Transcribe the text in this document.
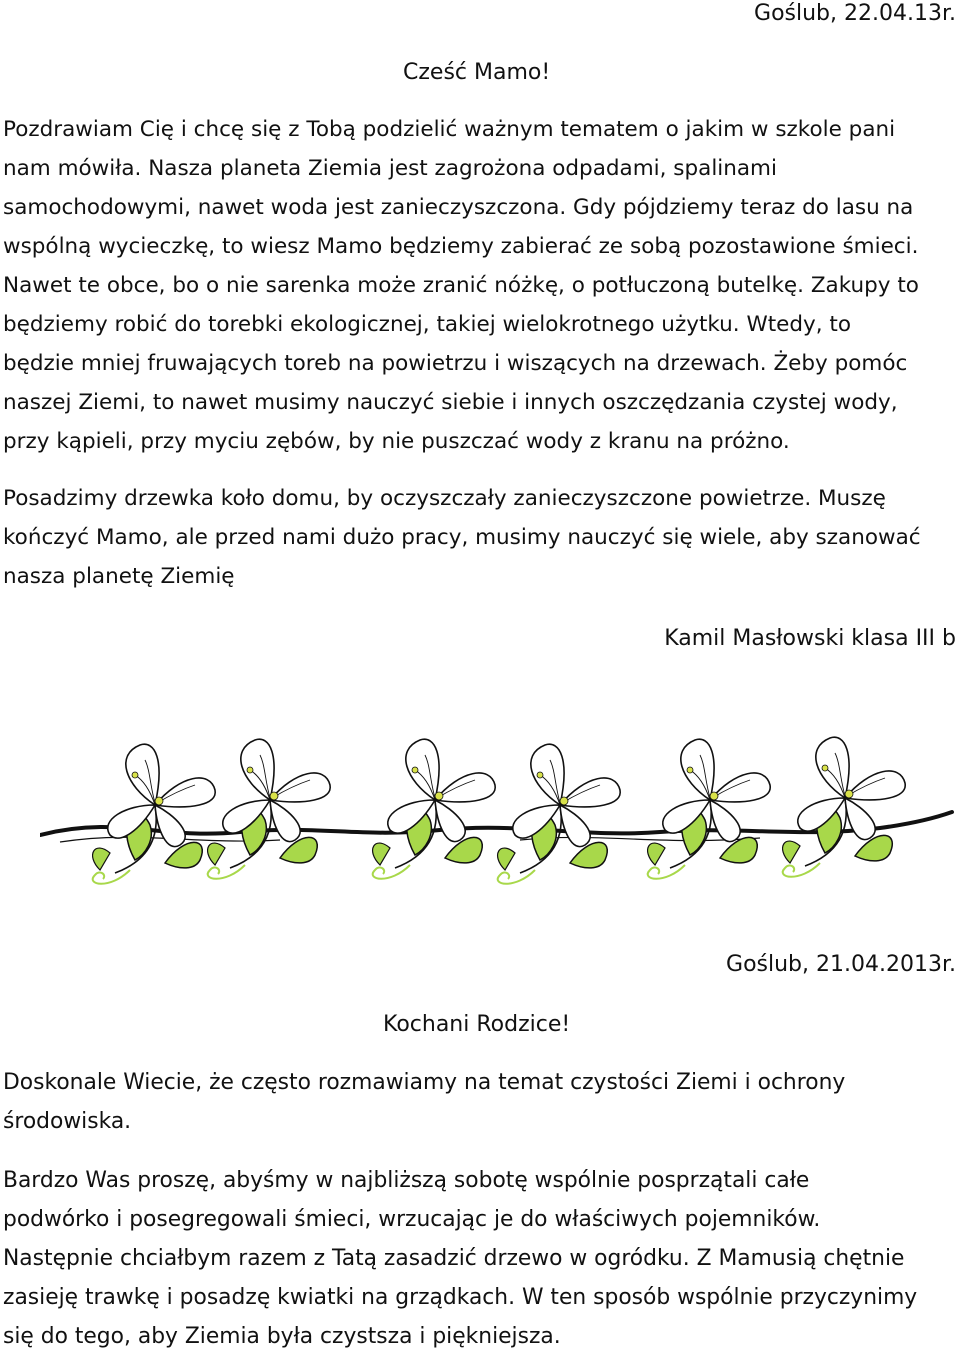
Goślub, 22.04.13r.
Cześć Mamo!
Pozdrawiam Cię i chcę się z Tobą podzielić ważnym tematem o jakim w szkole pani
nam mówiła. Nasza planeta Ziemia jest zagrożona odpadami, spalinami
samochodowymi, nawet woda jest zanieczyszczona. Gdy pójdziemy teraz do lasu na
wspólną wycieczkę, to wiesz Mamo będziemy zabierać ze sobą pozostawione śmieci.
Nawet te obce, bo o nie sarenka może zranić nóżkę, o potłuczoną butelkę. Zakupy to
będziemy robić do torebki ekologicznej, takiej wielokrotnego użytku. Wtedy, to
będzie mniej fruwających toreb na powietrzu i wiszących na drzewach. Żeby pomóc
naszej Ziemi, to nawet musimy nauczyć siebie i innych oszczędzania czystej wody,
przy kąpieli, przy myciu zębów, by nie puszczać wody z kranu na próżno.
Posadzimy drzewka koło domu, by oczyszczały zanieczyszczone powietrze. Muszę
kończyć Mamo, ale przed nami dużo pracy, musimy nauczyć się wiele, aby szanować
nasza planetę Ziemię
Kamil Masłowski klasa III b
Goślub, 21.04.2013r.
Kochani Rodzice!
Doskonale Wiecie, że często rozmawiamy na temat czystości Ziemi i ochrony
środowiska.
Bardzo Was proszę, abyśmy w najbliższą sobotę wspólnie posprzątali całe
podwórko i posegregowali śmieci, wrzucając je do właściwych pojemników.
Następnie chciałbym razem z Tatą zasadzić drzewo w ogródku. Z Mamusią chętnie
zasieję trawkę i posadzę kwiatki na grządkach. W ten sposób wspólnie przyczynimy
się do tego, aby Ziemia była czystsza i piękniejsza.
